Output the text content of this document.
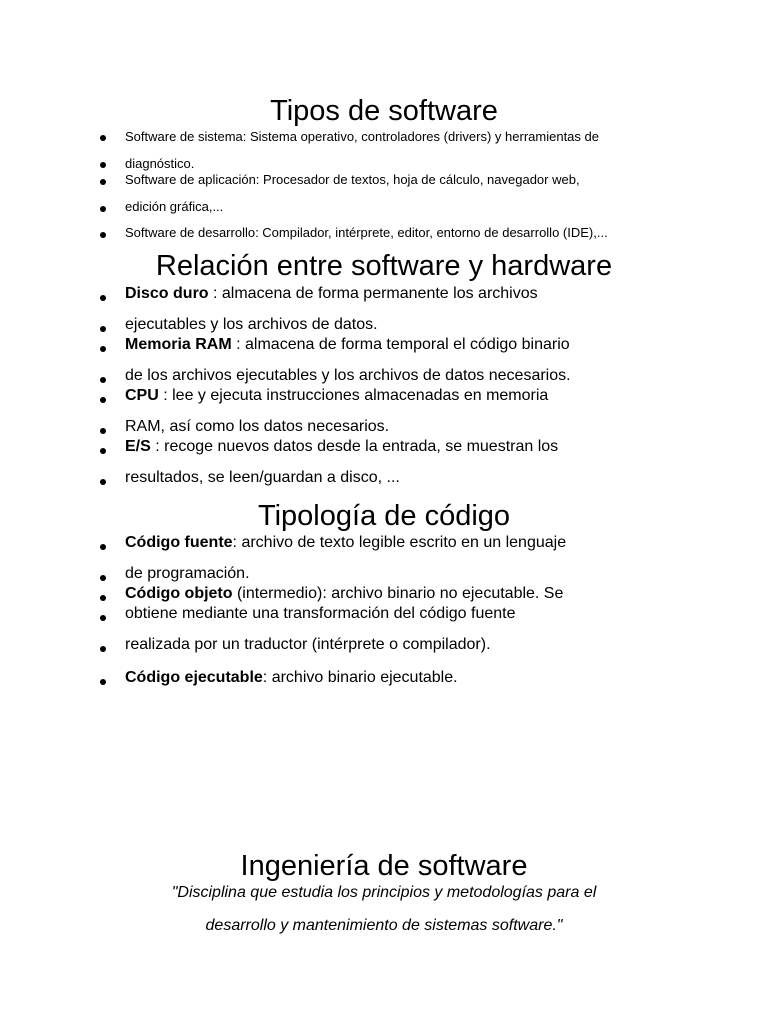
Tipos de software
Software de sistema: Sistema operativo, controladores (drivers) y herramientas de
diagnóstico.
Software de aplicación: Procesador de textos, hoja de cálculo, navegador web,
edición gráfica,...
Software de desarrollo: Compilador, intérprete, editor, entorno de desarrollo (IDE),...
Relación entre software y hardware
Disco duro : almacena de forma permanente los archivos
ejecutables y los archivos de datos.
Memoria RAM : almacena de forma temporal el código binario
de los archivos ejecutables y los archivos de datos necesarios.
CPU : lee y ejecuta instrucciones almacenadas en memoria
RAM, así como los datos necesarios.
E/S : recoge nuevos datos desde la entrada, se muestran los
resultados, se leen/guardan a disco, ...
Tipología de código
Código fuente: archivo de texto legible escrito en un lenguaje
de programación.
Código objeto (intermedio): archivo binario no ejecutable. Se
obtiene mediante una transformación del código fuente
realizada por un traductor (intérprete o compilador).
Código ejecutable: archivo binario ejecutable.
Ingeniería de software
"Disciplina que estudia los principios y metodologías para el
desarrollo y mantenimiento de sistemas software."
